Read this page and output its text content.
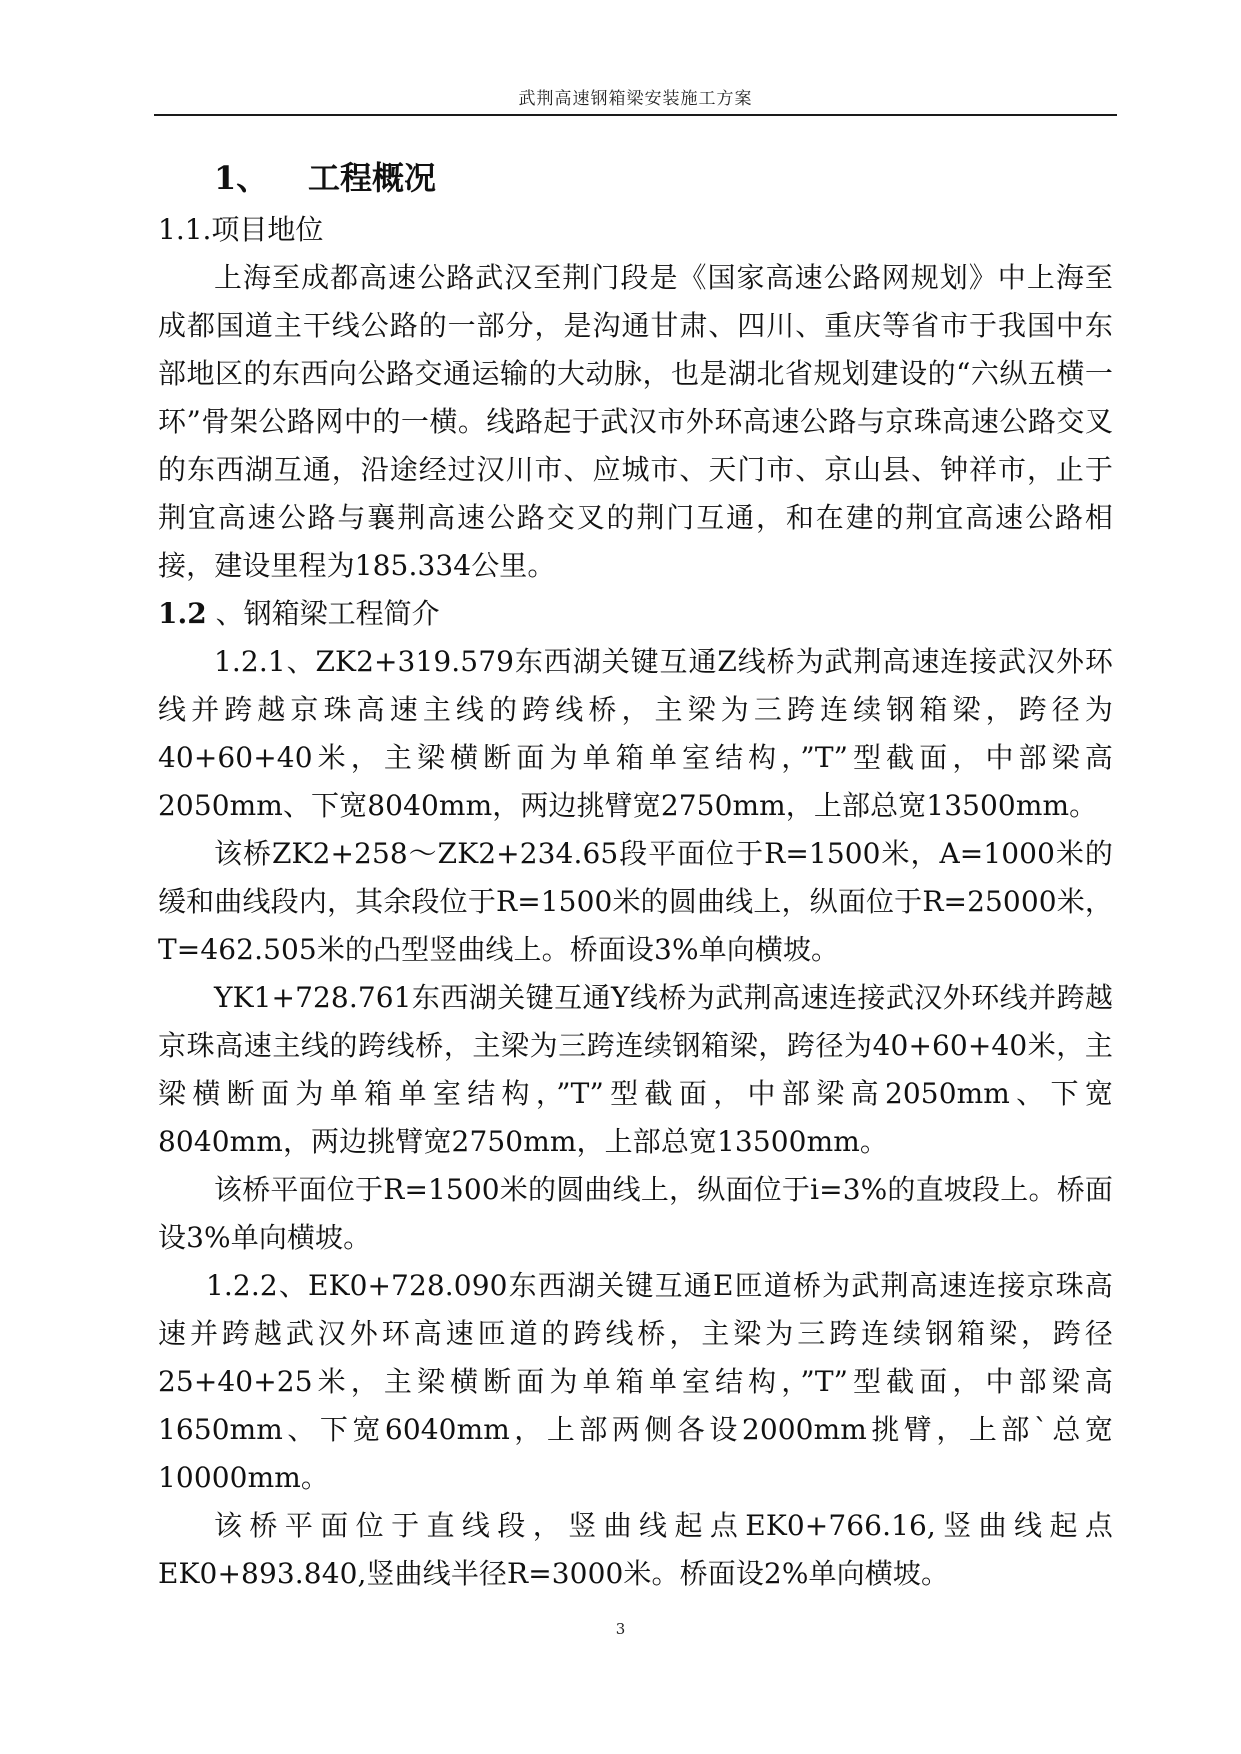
武荆高速钢箱梁安装施工方案
1、 工程概况
1.1.项目地位

上海至成都高速公路武汉至荆门段是《国家高速公路网规划》中上海至成都国道主干线公路的一部分，是沟通甘肃、四川、重庆等省市于我国中东部地区的东西向公路交通运输的大动脉，也是湖北省规划建设的“六纵五横一环”骨架公路网中的一横。线路起于武汉市外环高速公路与京珠高速公路交叉的东西湖互通，沿途经过汉川市、应城市、天门市、京山县、钟祥市，止于荆宜高速公路与襄荆高速公路交叉的荆门互通，和在建的荆宜高速公路相接，建设里程为185.334公里。

1.2 、钢箱梁工程简介

1.2.1、ZK2+319.579东西湖关键互通Z线桥为武荆高速连接武汉外环线并跨越京珠高速主线的跨线桥，主梁为三跨连续钢箱梁，跨径为40+60+40米，主梁横断面为单箱单室结构，”T”型截面，中部梁高2050mm、下宽8040mm，两边挑臂宽2750mm，上部总宽13500mm。

该桥ZK2+258～ZK2+234.65段平面位于R=1500米，A=1000米的缓和曲线段内，其余段位于R=1500米的圆曲线上，纵面位于R=25000米，T=462.505米的凸型竖曲线上。桥面设3%单向横坡。

YK1+728.761东西湖关键互通Y线桥为武荆高速连接武汉外环线并跨越京珠高速主线的跨线桥，主梁为三跨连续钢箱梁，跨径为40+60+40米，主梁横断面为单箱单室结构，”T”型截面，中部梁高2050mm、下宽8040mm，两边挑臂宽2750mm，上部总宽13500mm。

该桥平面位于R=1500米的圆曲线上，纵面位于i=3%的直坡段上。桥面设3%单向横坡。

1.2.2、EK0+728.090东西湖关键互通E匝道桥为武荆高速连接京珠高速并跨越武汉外环高速匝道的跨线桥，主梁为三跨连续钢箱梁，跨径25+40+25米，主梁横断面为单箱单室结构，”T”型截面，中部梁高1650mm、下宽6040mm，上部两侧各设2000mm挑臂，上部`总宽10000mm。

该桥平面位于直线段，竖曲线起点EK0+766.16,竖曲线起点EK0+893.840,竖曲线半径R=3000米。桥面设2%单向横坡。

3
